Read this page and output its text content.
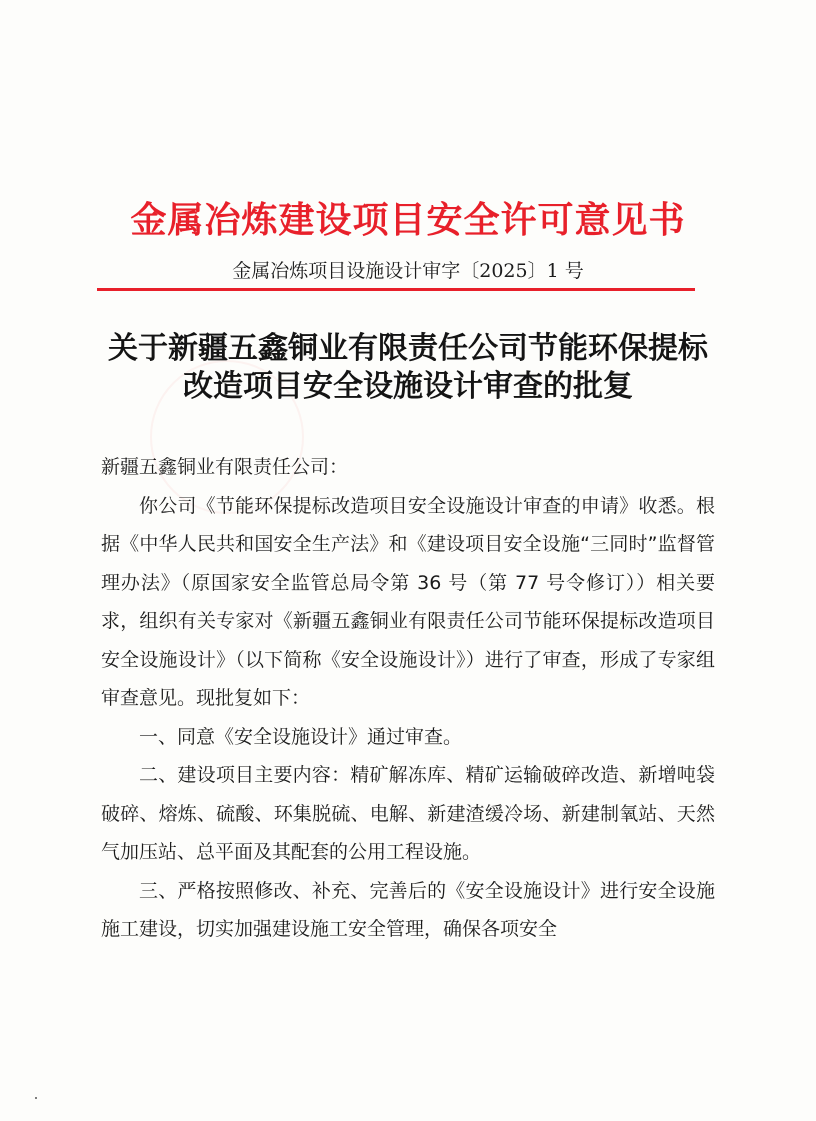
金属冶炼建设项目安全许可意见书
金属冶炼项目设施设计审字〔2025〕1 号
关于新疆五鑫铜业有限责任公司节能环保提标
改造项目安全设施设计审查的批复

新疆五鑫铜业有限责任公司：

你公司《节能环保提标改造项目安全设施设计审查的申请》收悉。根据《中华人民共和国安全生产法》和《建设项目安全设施“三同时”监督管理办法》（原国家安全监管总局令第 36 号（第 77 号令修订））相关要求，组织有关专家对《新疆五鑫铜业有限责任公司节能环保提标改造项目安全设施设计》（以下简称《安全设施设计》）进行了审查，形成了专家组审查意见。现批复如下：

一、同意《安全设施设计》通过审查。

二、建设项目主要内容：精矿解冻库、精矿运输破碎改造、新增吨袋破碎、熔炼、硫酸、环集脱硫、电解、新建渣缓冷场、新建制氧站、天然气加压站、总平面及其配套的公用工程设施。

三、严格按照修改、补充、完善后的《安全设施设计》进行安全设施施工建设，切实加强建设施工安全管理，确保各项安全
